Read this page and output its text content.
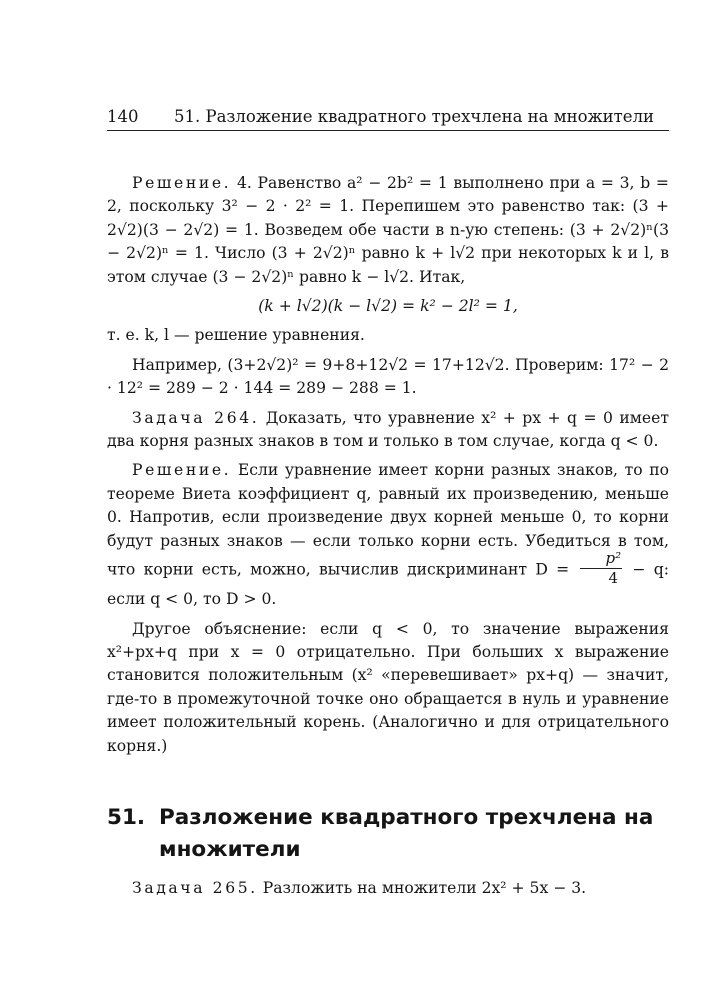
140 51. Разложение квадратного трехчлена на множители

Решение. 4. Равенство a² − 2b² = 1 выполнено при a = 3, b = 2, поскольку 3² − 2 · 2² = 1. Перепишем это равенство так: (3 + 2√2)(3 − 2√2) = 1. Возведем обе части в n-ую степень: (3 + 2√2)ⁿ(3 − 2√2)ⁿ = 1. Число (3 + 2√2)ⁿ равно k + l√2 при некоторых k и l, в этом случае (3 − 2√2)ⁿ равно k − l√2. Итак,

(k + l√2)(k − l√2) = k² − 2l² = 1,

т. е. k, l — решение уравнения.

Например, (3+2√2)² = 9+8+12√2 = 17+12√2. Проверим: 17² − 2 · 12² = 289 − 2 · 144 = 289 − 288 = 1.

Задача 264. Доказать, что уравнение x² + px + q = 0 имеет два корня разных знаков в том и только в том случае, когда q < 0.

Решение. Если уравнение имеет корни разных знаков, то по теореме Виета коэффициент q, равный их произведению, меньше 0. Напротив, если произведение двух корней меньше 0, то корни будут разных знаков — если только корни есть. Убедиться в том, что корни есть, можно, вычислив дискриминант $D = \frac{\text{p²}}{4} - q$: если q < 0, то D > 0.

Другое объяснение: если q < 0, то значение выражения x²+px+q при x = 0 отрицательно. При больших x выражение становится положительным (x² «перевешивает» px+q) — значит, где-то в промежуточной точке оно обращается в нуль и уравнение имеет положительный корень. (Аналогично и для отрицательного корня.)

51. Разложение квадратного трехчлена на множители
Задача 265. Разложить на множители 2x² + 5x − 3.
